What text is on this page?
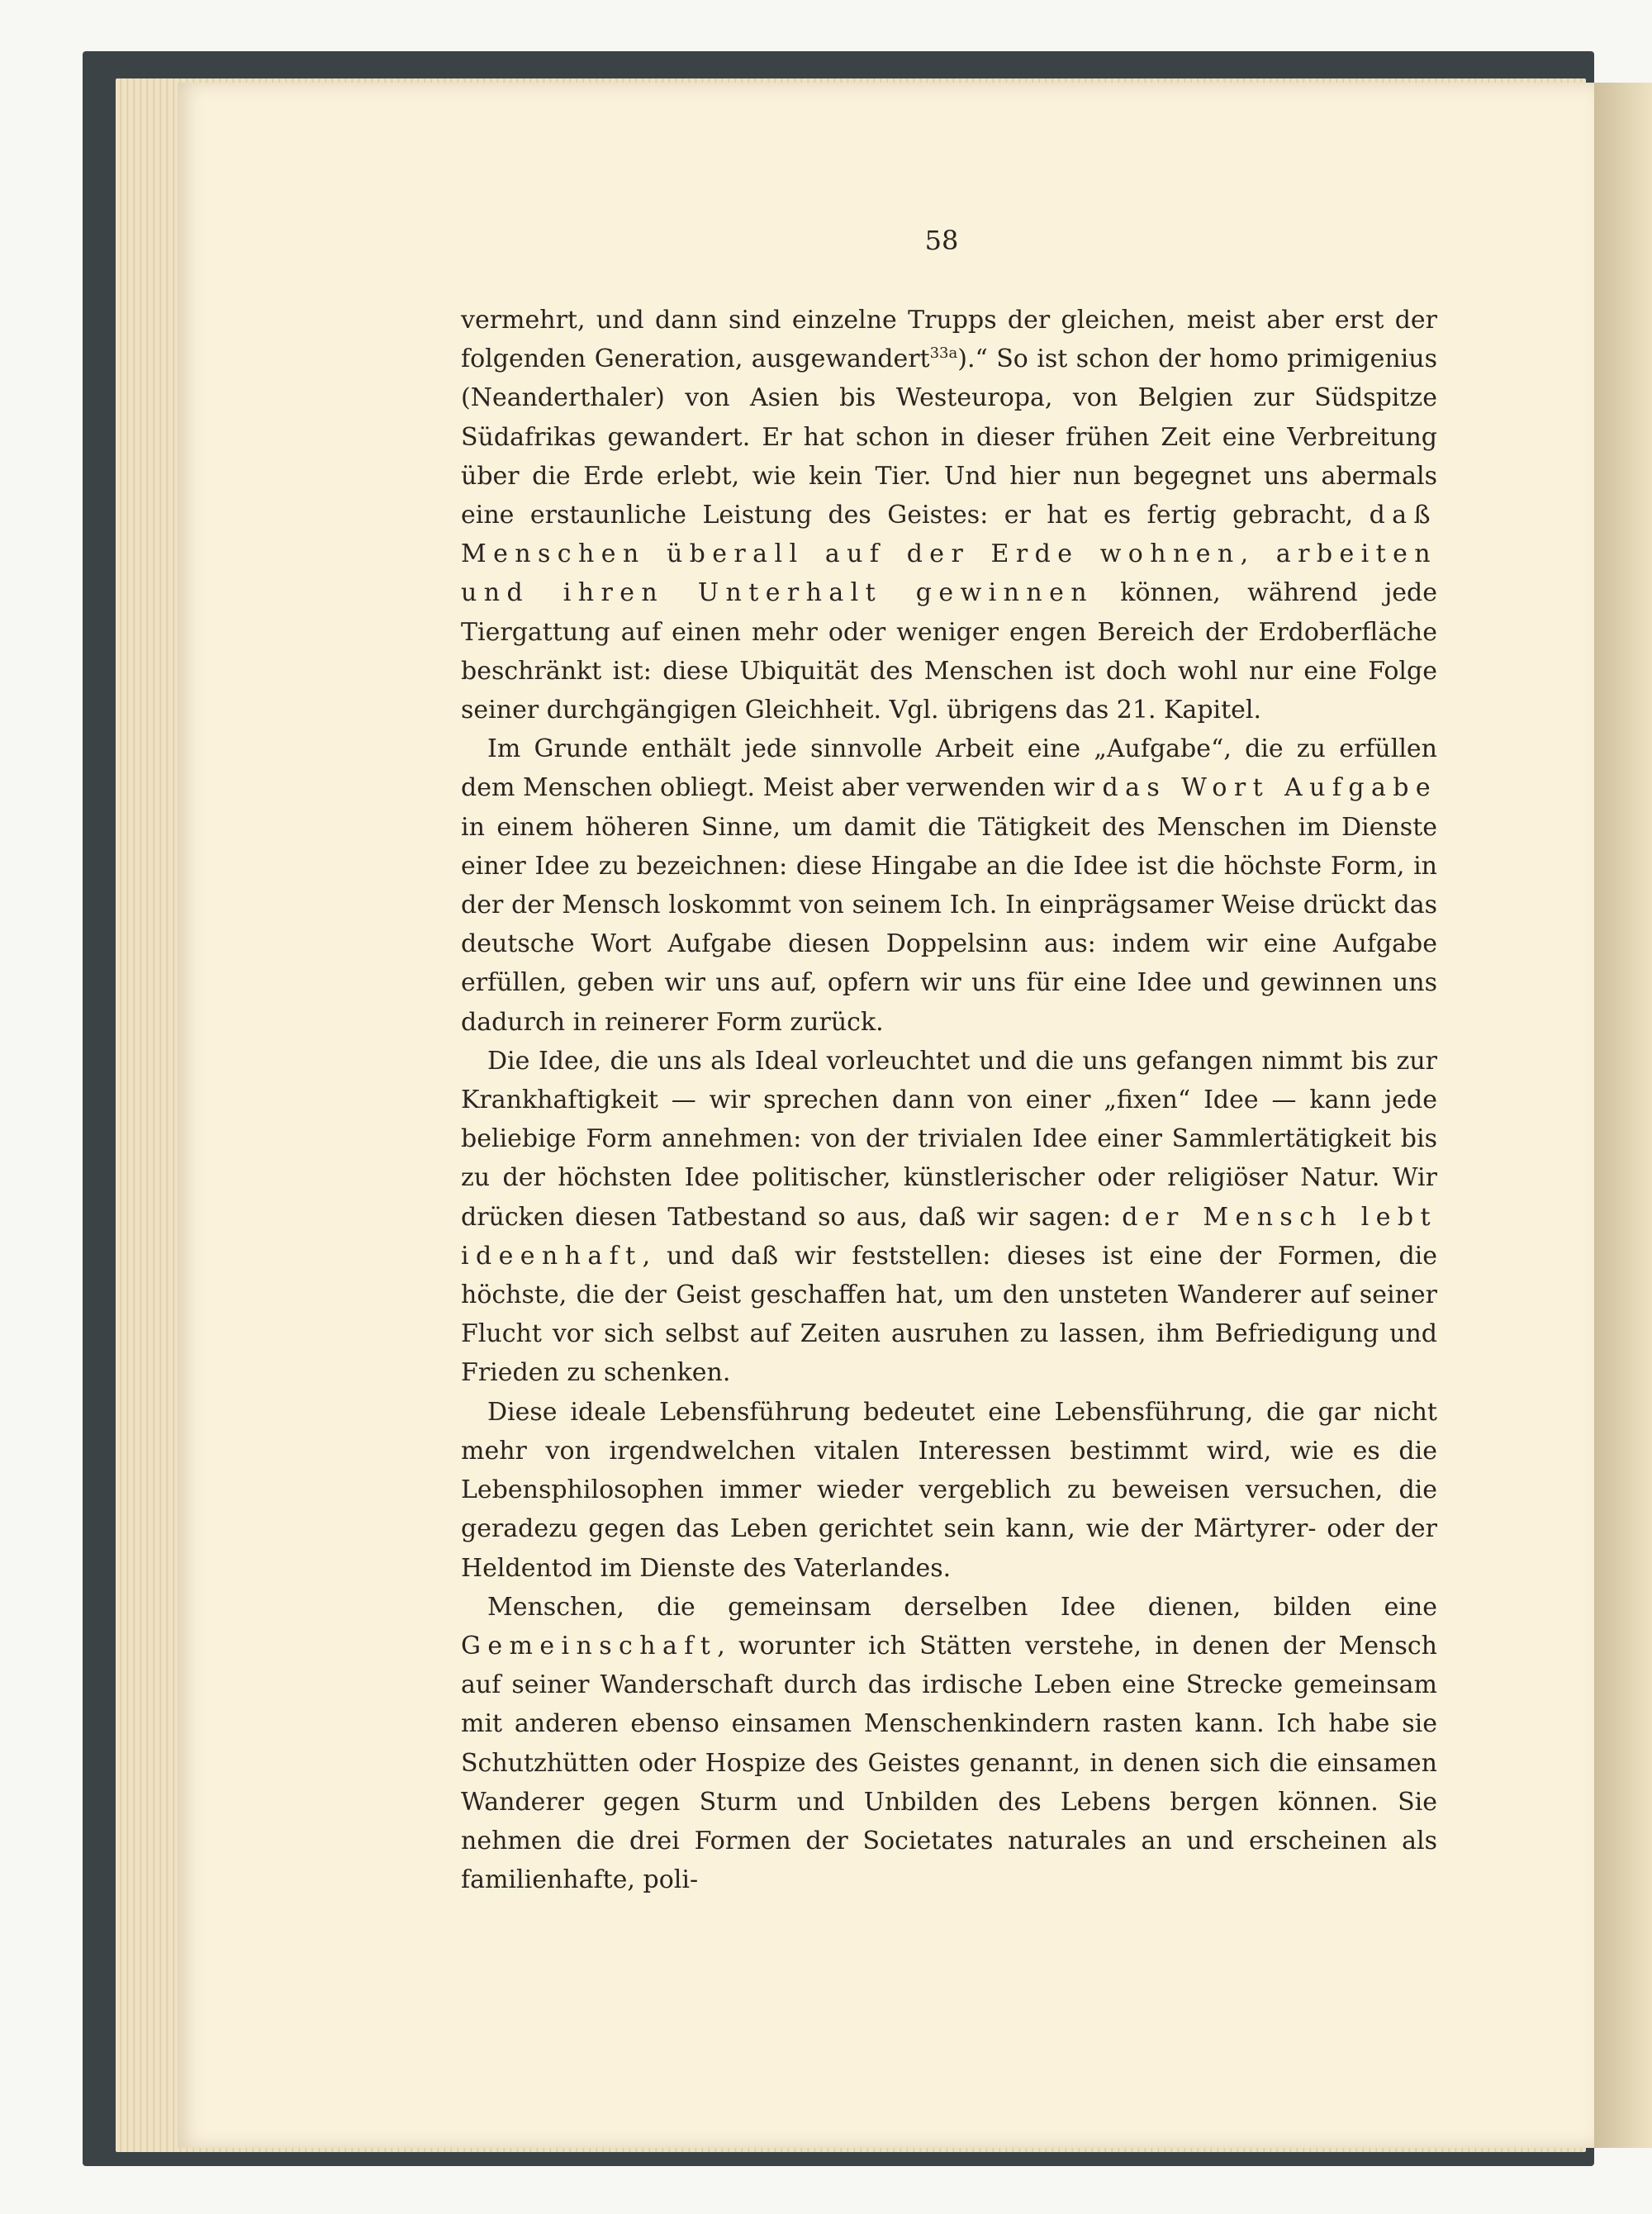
58

vermehrt, und dann sind einzelne Trupps der gleichen, meist aber erst der folgenden Generation, ausgewandert$^{33a}$).“ So ist schon der homo primigenius (Neanderthaler) von Asien bis Westeuropa, von Belgien zur Südspitze Südafrikas gewandert. Er hat schon in dieser frühen Zeit eine Verbreitung über die Erde erlebt, wie kein Tier. Und hier nun begegnet uns abermals eine erstaunliche Leistung des Geistes: er hat es fertig gebracht, daß Menschen überall auf der Erde wohnen, arbeiten und ihren Unterhalt gewinnen können, während jede Tiergattung auf einen mehr oder weniger engen Bereich der Erdoberfläche beschränkt ist: diese Ubiquität des Menschen ist doch wohl nur eine Folge seiner durchgängigen Gleichheit. Vgl. übrigens das 21. Kapitel.

Im Grunde enthält jede sinnvolle Arbeit eine „Aufgabe“, die zu erfüllen dem Menschen obliegt. Meist aber verwenden wir das Wort Aufgabe in einem höheren Sinne, um damit die Tätigkeit des Menschen im Dienste einer Idee zu bezeichnen: diese Hingabe an die Idee ist die höchste Form, in der der Mensch loskommt von seinem Ich. In einprägsamer Weise drückt das deutsche Wort Aufgabe diesen Doppelsinn aus: indem wir eine Aufgabe erfüllen, geben wir uns auf, opfern wir uns für eine Idee und gewinnen uns dadurch in reinerer Form zurück.

Die Idee, die uns als Ideal vorleuchtet und die uns gefangen nimmt bis zur Krankhaftigkeit — wir sprechen dann von einer „fixen“ Idee — kann jede beliebige Form annehmen: von der trivialen Idee einer Sammlertätigkeit bis zu der höchsten Idee politischer, künstlerischer oder religiöser Natur. Wir drücken diesen Tatbestand so aus, daß wir sagen: der Mensch lebt ideenhaft, und daß wir feststellen: dieses ist eine der Formen, die höchste, die der Geist geschaffen hat, um den unsteten Wanderer auf seiner Flucht vor sich selbst auf Zeiten ausruhen zu lassen, ihm Befriedigung und Frieden zu schenken.

Diese ideale Lebensführung bedeutet eine Lebensführung, die gar nicht mehr von irgendwelchen vitalen Interessen bestimmt wird, wie es die Lebensphilosophen immer wieder vergeblich zu beweisen versuchen, die geradezu gegen das Leben gerichtet sein kann, wie der Märtyrer- oder der Heldentod im Dienste des Vaterlandes.

Menschen, die gemeinsam derselben Idee dienen, bilden eine Gemeinschaft, worunter ich Stätten verstehe, in denen der Mensch auf seiner Wanderschaft durch das irdische Leben eine Strecke gemeinsam mit anderen ebenso einsamen Menschenkindern rasten kann. Ich habe sie Schutzhütten oder Hospize des Geistes genannt, in denen sich die einsamen Wanderer gegen Sturm und Unbilden des Lebens bergen können. Sie nehmen die drei Formen der Societates naturales an und erscheinen als familienhafte, poli-
